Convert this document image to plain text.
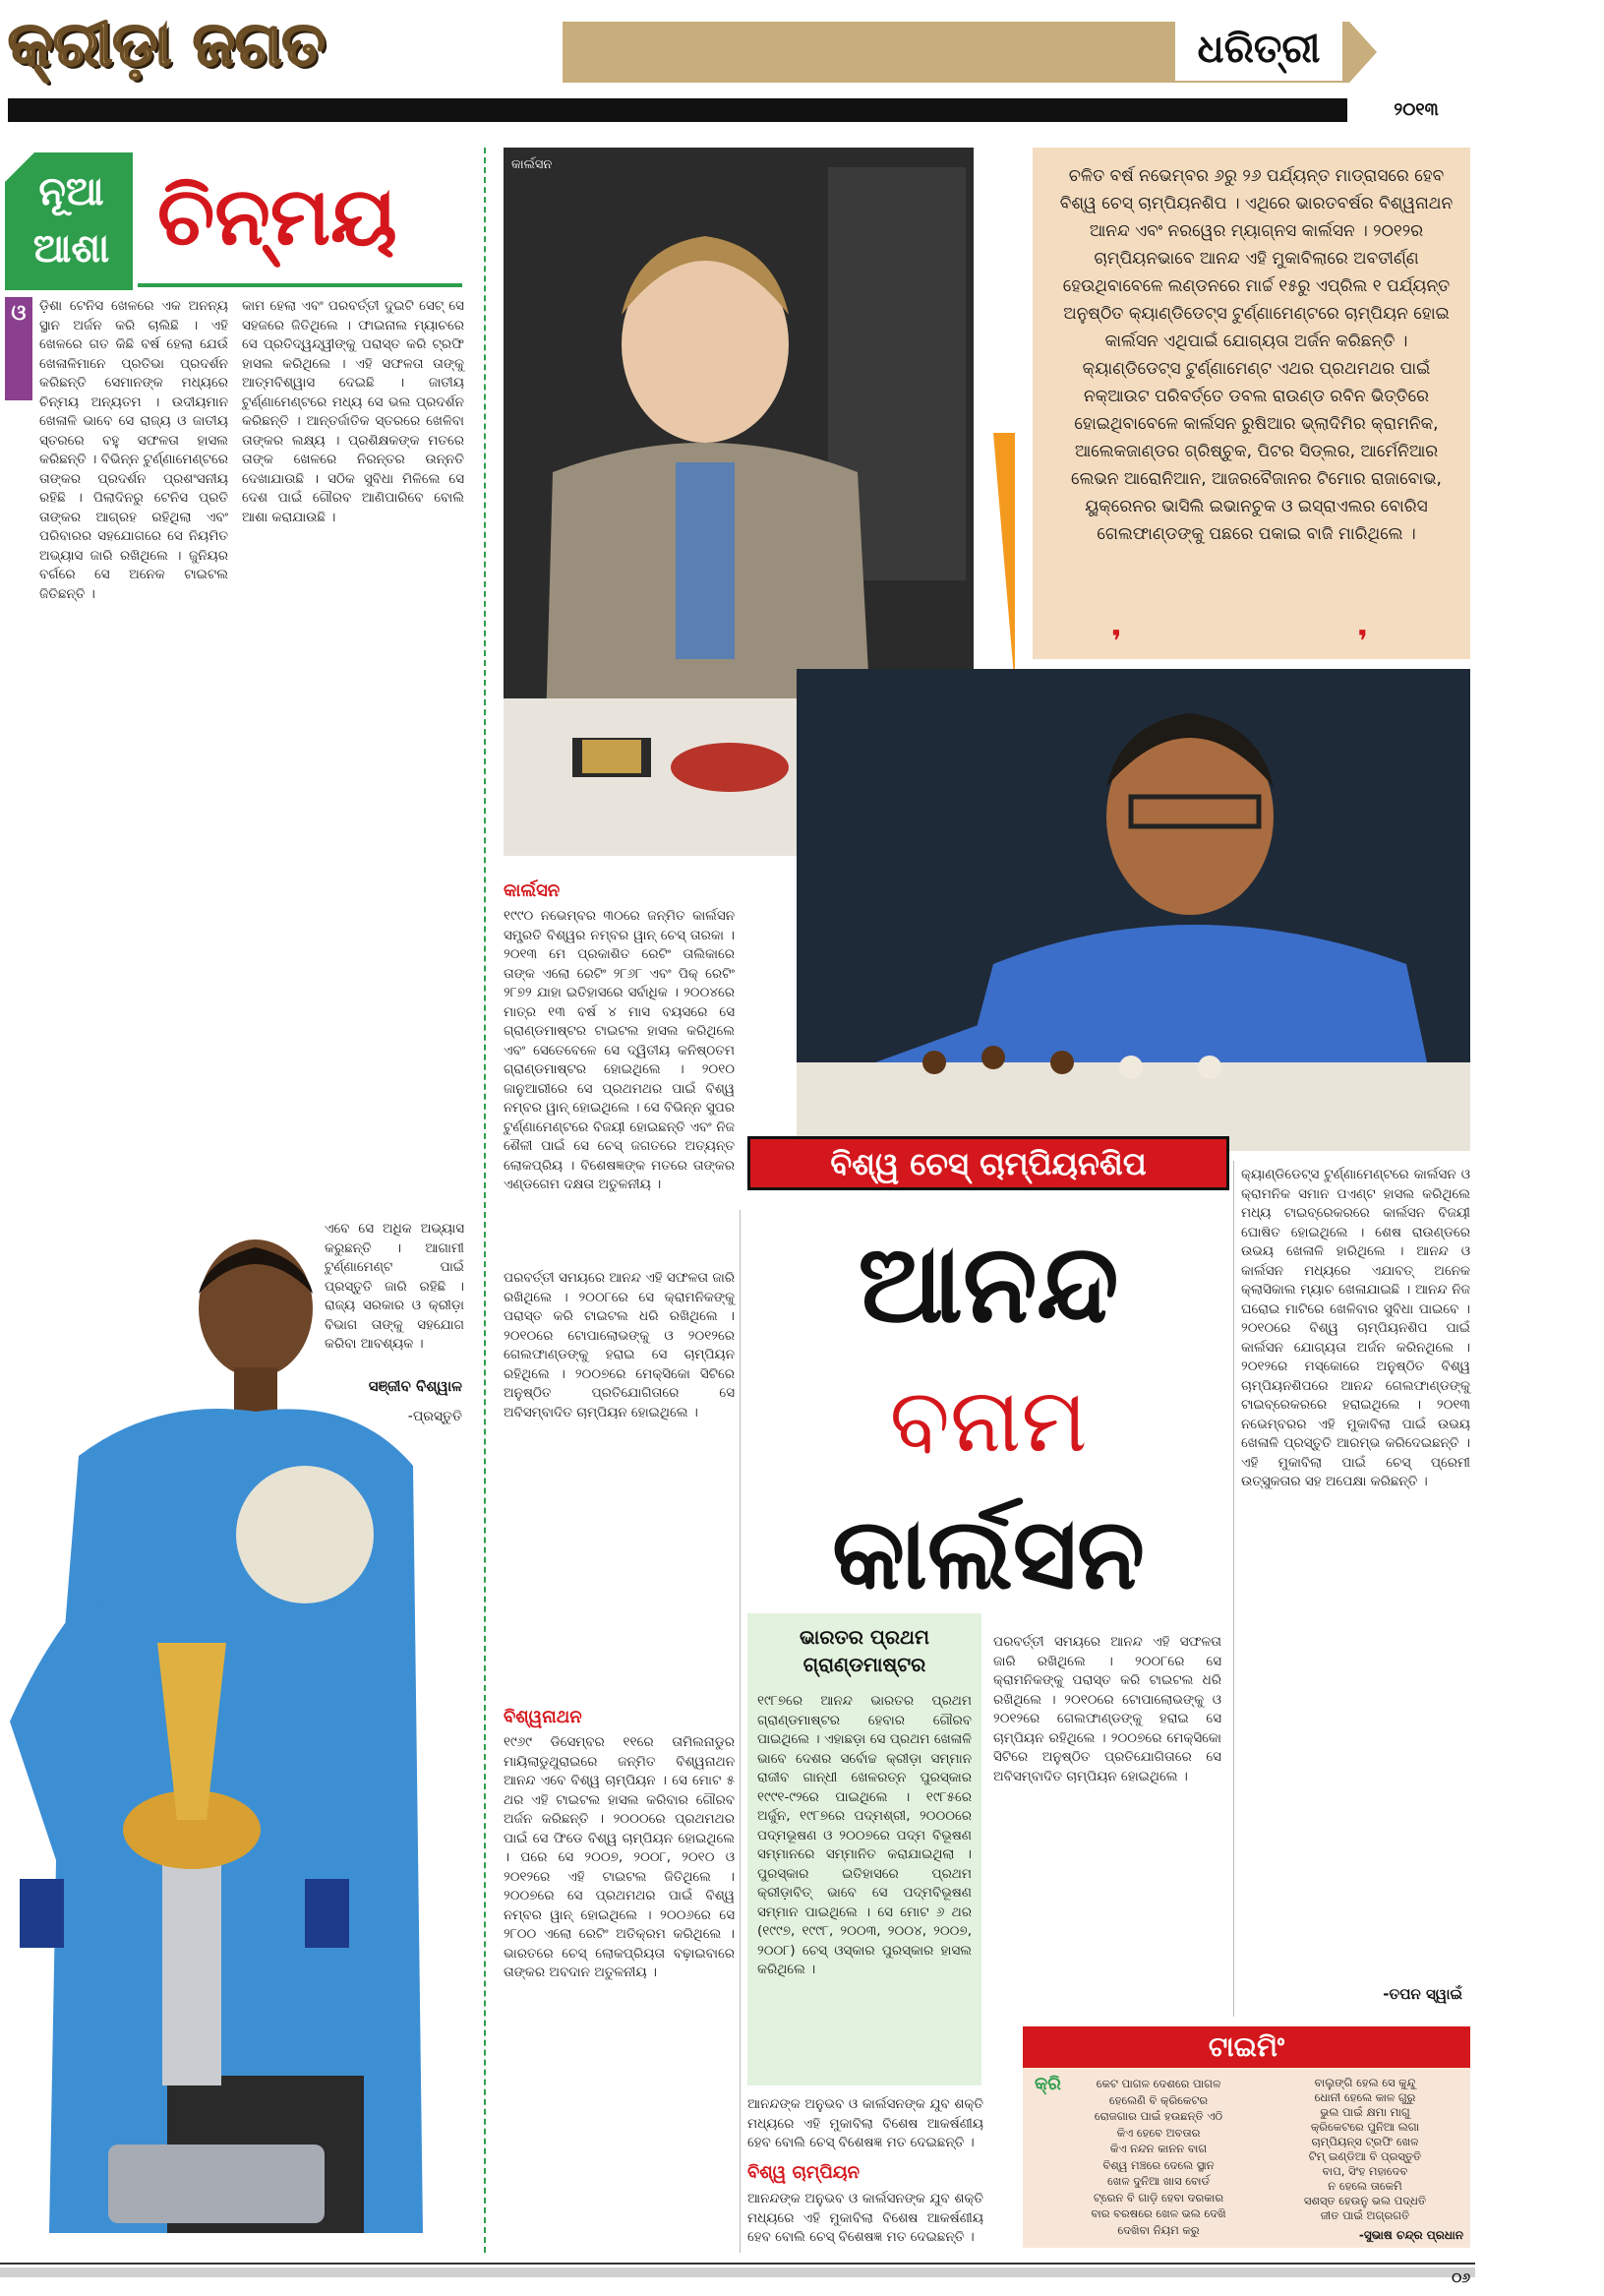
କ୍ରୀଡ଼ା ଜଗତ	ଧରିତ୍ରୀ
୨୦୧୩
ନୂଆ
ଆଶା ଚିନ୍ମୟ
ଓ ଡ଼ିଶା ଟେନିସ ଖେଳରେ ଏକ ଅନନ୍ୟ ସ୍ଥାନ ଅର୍ଜନ କରି ଚାଲିଛି । ଏହି ଖେଳରେ ଗତ କିଛି ବର୍ଷ ହେଲା ଯେଉଁ ଖେଳାଳିମାନେ ପ୍ରତିଭା ପ୍ରଦର୍ଶନ କରିଛନ୍ତି ସେମାନଙ୍କ ମଧ୍ୟରେ ଚିନ୍ମୟ ଅନ୍ୟତମ । ଉଦୀୟମାନ ଖେଳାଳି ଭାବେ ସେ ରାଜ୍ୟ ଓ ଜାତୀୟ ସ୍ତରରେ ବହୁ ସଫଳତା ହାସଲ କରିଛନ୍ତି । ବିଭିନ୍ନ ଟୁର୍ଣ୍ଣାମେଣ୍ଟରେ ତାଙ୍କର ପ୍ରଦର୍ଶନ ପ୍ରଶଂସନୀୟ ରହିଛି । ପିଲାଦିନରୁ ଟେନିସ ପ୍ରତି ତାଙ୍କର ଆଗ୍ରହ ରହିଥିଲା ଏବଂ ପରିବାରର ସହଯୋଗରେ ସେ ନିୟମିତ ଅଭ୍ୟାସ ଜାରି ରଖିଥିଲେ । ଜୁନିୟର ବର୍ଗରେ ସେ ଅନେକ ଟାଇଟଲ ଜିତିଛନ୍ତି ।
କାମ ହେଲା ଏବଂ ପରବର୍ତ୍ତୀ ଦୁଇଟି ସେଟ୍ ସେ ସହଜରେ ଜିତିଥିଲେ । ଫାଇନାଲ ମ୍ୟାଚରେ ସେ ପ୍ରତିଦ୍ୱନ୍ଦ୍ୱୀଙ୍କୁ ପରାସ୍ତ କରି ଟ୍ରଫି ହାସଲ କରିଥିଲେ । ଏହି ସଫଳତା ତାଙ୍କୁ ଆତ୍ମବିଶ୍ୱାସ ଦେଇଛି । ଜାତୀୟ ଟୁର୍ଣ୍ଣାମେଣ୍ଟରେ ମଧ୍ୟ ସେ ଭଲ ପ୍ରଦର୍ଶନ କରିଛନ୍ତି । ଆନ୍ତର୍ଜାତିକ ସ୍ତରରେ ଖେଳିବା ତାଙ୍କର ଲକ୍ଷ୍ୟ । ପ୍ରଶିକ୍ଷକଙ୍କ ମତରେ ତାଙ୍କ ଖେଳରେ ନିରନ୍ତର ଉନ୍ନତି ଦେଖାଯାଉଛି । ସଠିକ ସୁବିଧା ମିଳିଲେ ସେ ଦେଶ ପାଇଁ ଗୌରବ ଆଣିପାରିବେ ବୋଲି ଆଶା କରାଯାଉଛି ।
ଏବେ ସେ ଅଧିକ ଅଭ୍ୟାସ କରୁଛନ୍ତି । ଆଗାମୀ ଟୁର୍ଣ୍ଣାମେଣ୍ଟ ପାଇଁ ପ୍ରସ୍ତୁତି ଜାରି ରହିଛି । ରାଜ୍ୟ ସରକାର ଓ କ୍ରୀଡ଼ା ବିଭାଗ ତାଙ୍କୁ ସହଯୋଗ କରିବା ଆବଶ୍ୟକ ।
-ପ୍ରସ୍ତୁତି
ସଞ୍ଜୀବ ବିଶ୍ୱାଳ
କାର୍ଲସନ
ଚଳିତ ବର୍ଷ ନଭେମ୍ବର ୬ରୁ ୨୬ ପର୍ଯ୍ୟନ୍ତ ମାଡ୍ରାସରେ ହେବ ବିଶ୍ୱ ଚେସ୍ ଚାମ୍ପିୟନଶିପ । ଏଥିରେ ଭାରତବର୍ଷର ବିଶ୍ୱନାଥନ ଆନନ୍ଦ ଏବଂ ନରୱେର ମ୍ୟାଗ୍ନସ କାର୍ଲସନ । ୨୦୧୨ର ଚାମ୍ପିୟନଭାବେ ଆନନ୍ଦ ଏହି ମୁକାବିଲାରେ ଅବତୀର୍ଣ୍ଣ ହେଉଥିବାବେଳେ ଲଣ୍ଡନରେ ମାର୍ଚ୍ଚ ୧୫ରୁ ଏପ୍ରିଲ ୧ ପର୍ଯ୍ୟନ୍ତ ଅନୁଷ୍ଠିତ କ୍ୟାଣ୍ଡିଡେଟ୍ସ ଟୁର୍ଣ୍ଣାମେଣ୍ଟରେ ଚାମ୍ପିୟନ ହୋଇ କାର୍ଲସନ ଏଥିପାଇଁ ଯୋଗ୍ୟତା ଅର୍ଜନ କରିଛନ୍ତି । କ୍ୟାଣ୍ଡିଡେଟ୍ସ ଟୁର୍ଣ୍ଣାମେଣ୍ଟ ଏଥର ପ୍ରଥମଥର ପାଇଁ ନକ୍ଆଉଟ ପରିବର୍ତ୍ତେ ଡବଲ ରାଉଣ୍ଡ ରବିନ ଭିତ୍ତିରେ ହୋଇଥିବାବେଳେ କାର୍ଲସନ ରୁଷିଆର ଭ୍ଲାଦିମିର କ୍ରାମନିକ, ଆଲେକଜାଣ୍ଡର ଗ୍ରିଷ୍ଚୁକ, ପିଟର ସିଡ୍ଲର, ଆର୍ମେନିଆର ଲେଭନ ଆରୋନିଆନ, ଆଜରବୈଜାନର ଟିମୋର ରାଜାବୋଭ, ୟୁକ୍ରେନର ଭାସିଲି ଇଭାନଚୁକ ଓ ଇସ୍ରାଏଲର ବୋରିସ ଗେଲଫାଣ୍ଡଙ୍କୁ ପଛରେ ପକାଇ ବାଜି ମାରିଥିଲେ ।
❜❜
ବିଶ୍ୱ ଚେସ୍ ଚାମ୍ପିୟନଶିପ
ଆନନ୍ଦ
ବନାମ
କାର୍ଲସନ
କାର୍ଲସନ
୧୯୯୦ ନଭେମ୍ବର ୩୦ରେ ଜନ୍ମିତ କାର୍ଲସନ ସମ୍ପ୍ରତି ବିଶ୍ୱର ନମ୍ବର ୱାନ୍ ଚେସ୍ ତାରକା । ୨୦୧୩ ମେ ପ୍ରକାଶିତ ରେଟିଂ ତାଲିକାରେ ତାଙ୍କ ଏଲୋ ରେଟିଂ ୨୮୬୮ ଏବଂ ପିକ୍ ରେଟିଂ ୨୮୭୨ ଯାହା ଇତିହାସରେ ସର୍ବାଧିକ । ୨୦୦୪ରେ ମାତ୍ର ୧୩ ବର୍ଷ ୪ ମାସ ବୟସରେ ସେ ଗ୍ରାଣ୍ଡମାଷ୍ଟର ଟାଇଟଲ ହାସଲ କରିଥିଲେ ଏବଂ ସେତେବେଳେ ସେ ଦ୍ୱିତୀୟ କନିଷ୍ଠତମ ଗ୍ରାଣ୍ଡମାଷ୍ଟର ହୋଇଥିଲେ । ୨୦୧୦ ଜାନୁଆରୀରେ ସେ ପ୍ରଥମଥର ପାଇଁ ବିଶ୍ୱ ନମ୍ବର ୱାନ୍ ହୋଇଥିଲେ । ସେ ବିଭିନ୍ନ ସୁପର ଟୁର୍ଣ୍ଣାମେଣ୍ଟରେ ବିଜୟୀ ହୋଇଛନ୍ତି ଏବଂ ନିଜ ଶୈଳୀ ପାଇଁ ସେ ଚେସ୍ ଜଗତରେ ଅତ୍ୟନ୍ତ ଲୋକପ୍ରିୟ । ବିଶେଷଜ୍ଞଙ୍କ ମତରେ ତାଙ୍କର ଏଣ୍ଡଗେମ ଦକ୍ଷତା ଅତୁଳନୀୟ ।
ପରବର୍ତ୍ତୀ ସମୟରେ ଆନନ୍ଦ ଏହି ସଫଳତା ଜାରି ରଖିଥିଲେ । ୨୦୦୮ରେ ସେ କ୍ରାମନିକଙ୍କୁ ପରାସ୍ତ କରି ଟାଇଟଲ ଧରି ରଖିଥିଲେ । ୨୦୧୦ରେ ଟୋପାଲୋଭଙ୍କୁ ଓ ୨୦୧୨ରେ ଗେଲଫାଣ୍ଡଙ୍କୁ ହରାଇ ସେ ଚାମ୍ପିୟନ ରହିଥିଲେ । ୨୦୦୭ରେ ମେକ୍ସିକୋ ସିଟିରେ ଅନୁଷ୍ଠିତ ପ୍ରତିଯୋଗିତାରେ ସେ ଅବିସମ୍ବାଦିତ ଚାମ୍ପିୟନ ହୋଇଥିଲେ ।
ବିଶ୍ୱନାଥନ
୧୯୬୯ ଡିସେମ୍ବର ୧୧ରେ ତାମିଲନାଡୁର ମାୟିଲାଡୁଥୁରାଇରେ ଜନ୍ମିତ ବିଶ୍ୱନାଥନ ଆନନ୍ଦ ଏବେ ବିଶ୍ୱ ଚାମ୍ପିୟନ । ସେ ମୋଟ ୫ ଥର ଏହି ଟାଇଟଲ ହାସଲ କରିବାର ଗୌରବ ଅର୍ଜନ କରିଛନ୍ତି । ୨୦୦୦ରେ ପ୍ରଥମଥର ପାଇଁ ସେ ଫିଡେ ବିଶ୍ୱ ଚାମ୍ପିୟନ ହୋଇଥିଲେ । ପରେ ସେ ୨୦୦୭, ୨୦୦୮, ୨୦୧୦ ଓ ୨୦୧୨ରେ ଏହି ଟାଇଟଲ ଜିତିଥିଲେ । ୨୦୦୭ରେ ସେ ପ୍ରଥମଥର ପାଇଁ ବିଶ୍ୱ ନମ୍ବର ୱାନ୍ ହୋଇଥିଲେ । ୨୦୦୬ରେ ସେ ୨୮୦୦ ଏଲୋ ରେଟିଂ ଅତିକ୍ରମ କରିଥିଲେ । ଭାରତରେ ଚେସ୍ ଲୋକପ୍ରିୟତା ବଢ଼ାଇବାରେ ତାଙ୍କର ଅବଦାନ ଅତୁଳନୀୟ ।
ଭାରତର ପ୍ରଥମ ଗ୍ରାଣ୍ଡମାଷ୍ଟର
୧୯୮୭ରେ ଆନନ୍ଦ ଭାରତର ପ୍ରଥମ ଗ୍ରାଣ୍ଡମାଷ୍ଟର ହେବାର ଗୌରବ ପାଇଥିଲେ । ଏହାଛଡ଼ା ସେ ପ୍ରଥମ ଖେଳାଳି ଭାବେ ଦେଶର ସର୍ବୋଚ୍ଚ କ୍ରୀଡ଼ା ସମ୍ମାନ ରାଜୀବ ଗାନ୍ଧୀ ଖେଳରତ୍ନ ପୁରସ୍କାର ୧୯୯୧-୯୨ରେ ପାଇଥିଲେ । ୧୯୮୫ରେ ଅର୍ଜୁନ, ୧୯୮୭ରେ ପଦ୍ମଶ୍ରୀ, ୨୦୦୦ରେ ପଦ୍ମଭୂଷଣ ଓ ୨୦୦୭ରେ ପଦ୍ମ ବିଭୂଷଣ ସମ୍ମାନରେ ସମ୍ମାନିତ କରାଯାଇଥିଲା । ପୁରସ୍କାର ଇତିହାସରେ ପ୍ରଥମ କ୍ରୀଡ଼ାବିତ୍ ଭାବେ ସେ ପଦ୍ମବିଭୂଷଣ ସମ୍ମାନ ପାଇଥିଲେ । ସେ ମୋଟ ୬ ଥର (୧୯୯୭, ୧୯୯୮, ୨୦୦୩, ୨୦୦୪, ୨୦୦୭, ୨୦୦୮) ଚେସ୍ ଓସ୍କାର ପୁରସ୍କାର ହାସଲ କରିଥିଲେ ।
ପରବର୍ତ୍ତୀ ସମୟରେ ଆନନ୍ଦ ଏହି ସଫଳତା ଜାରି ରଖିଥିଲେ । ୨୦୦୮ରେ ସେ କ୍ରାମନିକଙ୍କୁ ପରାସ୍ତ କରି ଟାଇଟଲ ଧରି ରଖିଥିଲେ । ୨୦୧୦ରେ ଟୋପାଲୋଭଙ୍କୁ ଓ ୨୦୧୨ରେ ଗେଲଫାଣ୍ଡଙ୍କୁ ହରାଇ ସେ ଚାମ୍ପିୟନ ରହିଥିଲେ । ୨୦୦୭ରେ ମେକ୍ସିକୋ ସିଟିରେ ଅନୁଷ୍ଠିତ ପ୍ରତିଯୋଗିତାରେ ସେ ଅବିସମ୍ବାଦିତ ଚାମ୍ପିୟନ ହୋଇଥିଲେ ।
ଆନନ୍ଦଙ୍କ ଅନୁଭବ ଓ କାର୍ଲସନଙ୍କ ଯୁବ ଶକ୍ତି ମଧ୍ୟରେ ଏହି ମୁକାବିଲା ବିଶେଷ ଆକର୍ଷଣୀୟ ହେବ ବୋଲି ଚେସ୍ ବିଶେଷଜ୍ଞ ମତ ଦେଇଛନ୍ତି ।
ବିଶ୍ୱ ଚାମ୍ପିୟନ
ଆନନ୍ଦଙ୍କ ଅନୁଭବ ଓ କାର୍ଲସନଙ୍କ ଯୁବ ଶକ୍ତି ମଧ୍ୟରେ ଏହି ମୁକାବିଲା ବିଶେଷ ଆକର୍ଷଣୀୟ ହେବ ବୋଲି ଚେସ୍ ବିଶେଷଜ୍ଞ ମତ ଦେଇଛନ୍ତି ।
କ୍ୟାଣ୍ଡିଡେଟ୍ସ ଟୁର୍ଣ୍ଣାମେଣ୍ଟରେ କାର୍ଲସନ ଓ କ୍ରାମନିକ ସମାନ ପଏଣ୍ଟ ହାସଲ କରିଥିଲେ ମଧ୍ୟ ଟାଇବ୍ରେକରରେ କାର୍ଲସନ ବିଜୟୀ ଘୋଷିତ ହୋଇଥିଲେ । ଶେଷ ରାଉଣ୍ଡରେ ଉଭୟ ଖେଳାଳି ହାରିଥିଲେ । ଆନନ୍ଦ ଓ କାର୍ଲସନ ମଧ୍ୟରେ ଏଯାବତ୍ ଅନେକ କ୍ଲାସିକାଲ ମ୍ୟାଚ ଖେଳାଯାଇଛି । ଆନନ୍ଦ ନିଜ ଘରୋଇ ମାଟିରେ ଖେଳିବାର ସୁବିଧା ପାଇବେ । ୨୦୧୦ରେ ବିଶ୍ୱ ଚାମ୍ପିୟନଶିପ ପାଇଁ କାର୍ଲସନ ଯୋଗ୍ୟତା ଅର୍ଜନ କରିନଥିଲେ । ୨୦୧୨ରେ ମସ୍କୋରେ ଅନୁଷ୍ଠିତ ବିଶ୍ୱ ଚାମ୍ପିୟନଶିପରେ ଆନନ୍ଦ ଗେଲଫାଣ୍ଡଙ୍କୁ ଟାଇବ୍ରେକରରେ ହରାଇଥିଲେ । ୨୦୧୩ ନଭେମ୍ବରର ଏହି ମୁକାବିଲା ପାଇଁ ଉଭୟ ଖେଳାଳି ପ୍ରସ୍ତୁତି ଆରମ୍ଭ କରିଦେଇଛନ୍ତି । ଏହି ମୁକାବିଲା ପାଇଁ ଚେସ୍ ପ୍ରେମୀ ଉତ୍ସୁକତାର ସହ ଅପେକ୍ଷା କରିଛନ୍ତି ।
-ତପନ ସ୍ୱାଇଁ
ଟାଇମିଂ
କ୍ରି	କେଟ ପାଗଳ ଦେଶରେ ପାଗଳ
ହେଲେଣି ବି କ୍ରିକେଟର
ରୋଜଗାର ପାଇଁ ହଉଛନ୍ତି ଏଠି
କିଏ ହେବେ ଅବତାର
କିଏ ନନ୍ଦନ କାନନ ବାଗ
ବିଶ୍ୱ ମଞ୍ଚରେ ଦେଲେ ସ୍ଥାନ
ଖେଳ ଦୁନିଆ ଖାସ ବୋର୍ଡ
ଟ୍ରେନ ବି ଗାଡ଼ି ହେବା ଦରକାର
ବାର ବରଷରେ ଖେଳ ଭଲ ଦେଖି
ଦେଖିବା ନିୟମ କରୁ
ବାଲୁଙ୍ଗି ହେଲ ସେ କୁନ୍ଦୁ
ଧୋନୀ ହେଲେ କାଳ ଗୁରୁ
ଭୁଲ ପାଇଁ କ୍ଷମା ମାଗୁ
କ୍ରିକେଟରେ ପୁନିଆ ଲଗା
ଚାମ୍ପିୟନ୍ସ ଟ୍ରଫି ଖେଳ
ଟିମ୍ ଇଣ୍ଡିଆ ବି ପ୍ରସ୍ତୁତି
ବାପ, ସିଂହ ମହାଦେବ
ନ ହେଲେ ତାକେମି
ସଶସ୍ତ ହେଉନୁ ଭଲ ପଦ୍ଧତି
ଜୀତ ପାଇଁ ଅଗ୍ରଗତି
-ସୁଭାଷ ଚନ୍ଦ୍ର ପ୍ରଧାନ
୦୬
